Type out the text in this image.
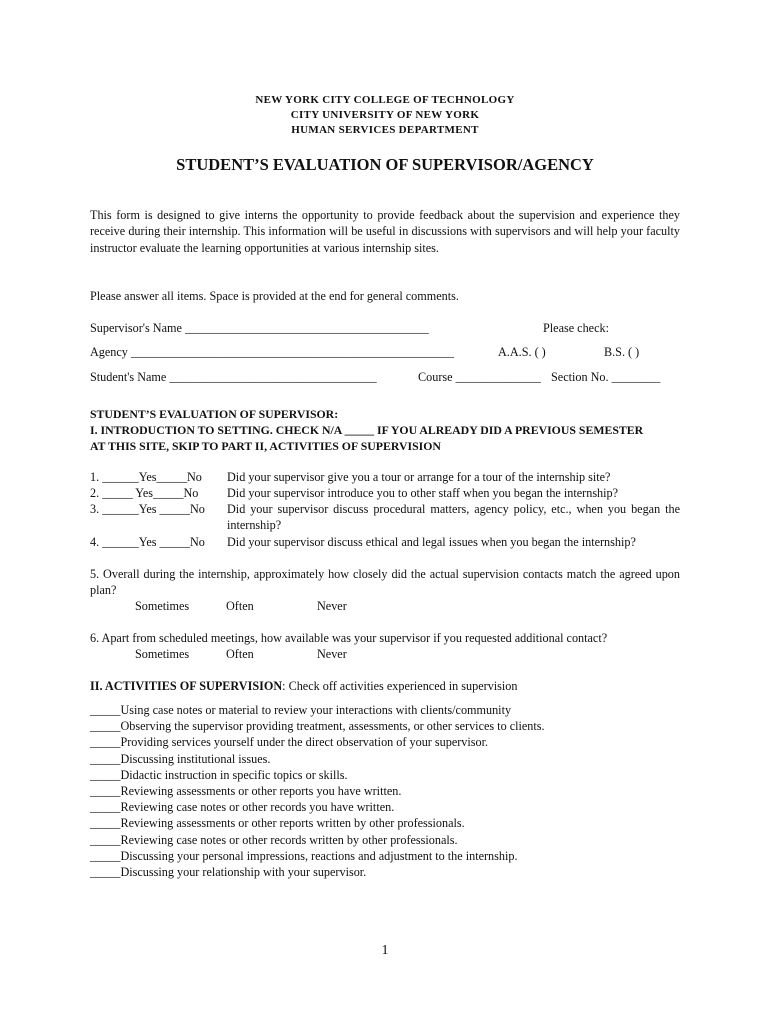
NEW YORK CITY COLLEGE OF TECHNOLOGY
CITY UNIVERSITY OF NEW YORK
HUMAN SERVICES DEPARTMENT
STUDENT’S EVALUATION OF SUPERVISOR/AGENCY
This form is designed to give interns the opportunity to provide feedback about the supervision and experience they receive during their internship. This information will be useful in discussions with supervisors and will help your faculty instructor evaluate the learning opportunities at various internship sites.
Please answer all items. Space is provided at the end for general comments.
Supervisor's Name ________________________________________	Please check:
Agency _____________________________________________________	A.A.S. ( )	B.S. ( )
Student's Name __________________________________	Course ______________ Section No. ________
STUDENT’S EVALUATION OF SUPERVISOR:
I. INTRODUCTION TO SETTING. CHECK N/A _____ IF YOU ALREADY DID A PREVIOUS SEMESTER
AT THIS SITE, SKIP TO PART II, ACTIVITIES OF SUPERVISION
1. ______Yes_____No Did your supervisor give you a tour or arrange for a tour of the internship site?
2. _____ Yes_____No Did your supervisor introduce you to other staff when you began the internship?
3. ______Yes _____No Did your supervisor discuss procedural matters, agency policy, etc., when you began the internship?
4. ______Yes _____No Did your supervisor discuss ethical and legal issues when you began the internship?
5. Overall during the internship, approximately how closely did the actual supervision contacts match the agreed upon plan?
Sometimes	Often	Never
6. Apart from scheduled meetings, how available was your supervisor if you requested additional contact?
Sometimes	Often	Never
II. ACTIVITIES OF SUPERVISION: Check off activities experienced in supervision
_____Using case notes or material to review your interactions with clients/community
_____Observing the supervisor providing treatment, assessments, or other services to clients.
_____Providing services yourself under the direct observation of your supervisor.
_____Discussing institutional issues.
_____Didactic instruction in specific topics or skills.
_____Reviewing assessments or other reports you have written.
_____Reviewing case notes or other records you have written.
_____Reviewing assessments or other reports written by other professionals.
_____Reviewing case notes or other records written by other professionals.
_____Discussing your personal impressions, reactions and adjustment to the internship.
_____Discussing your relationship with your supervisor.
1
